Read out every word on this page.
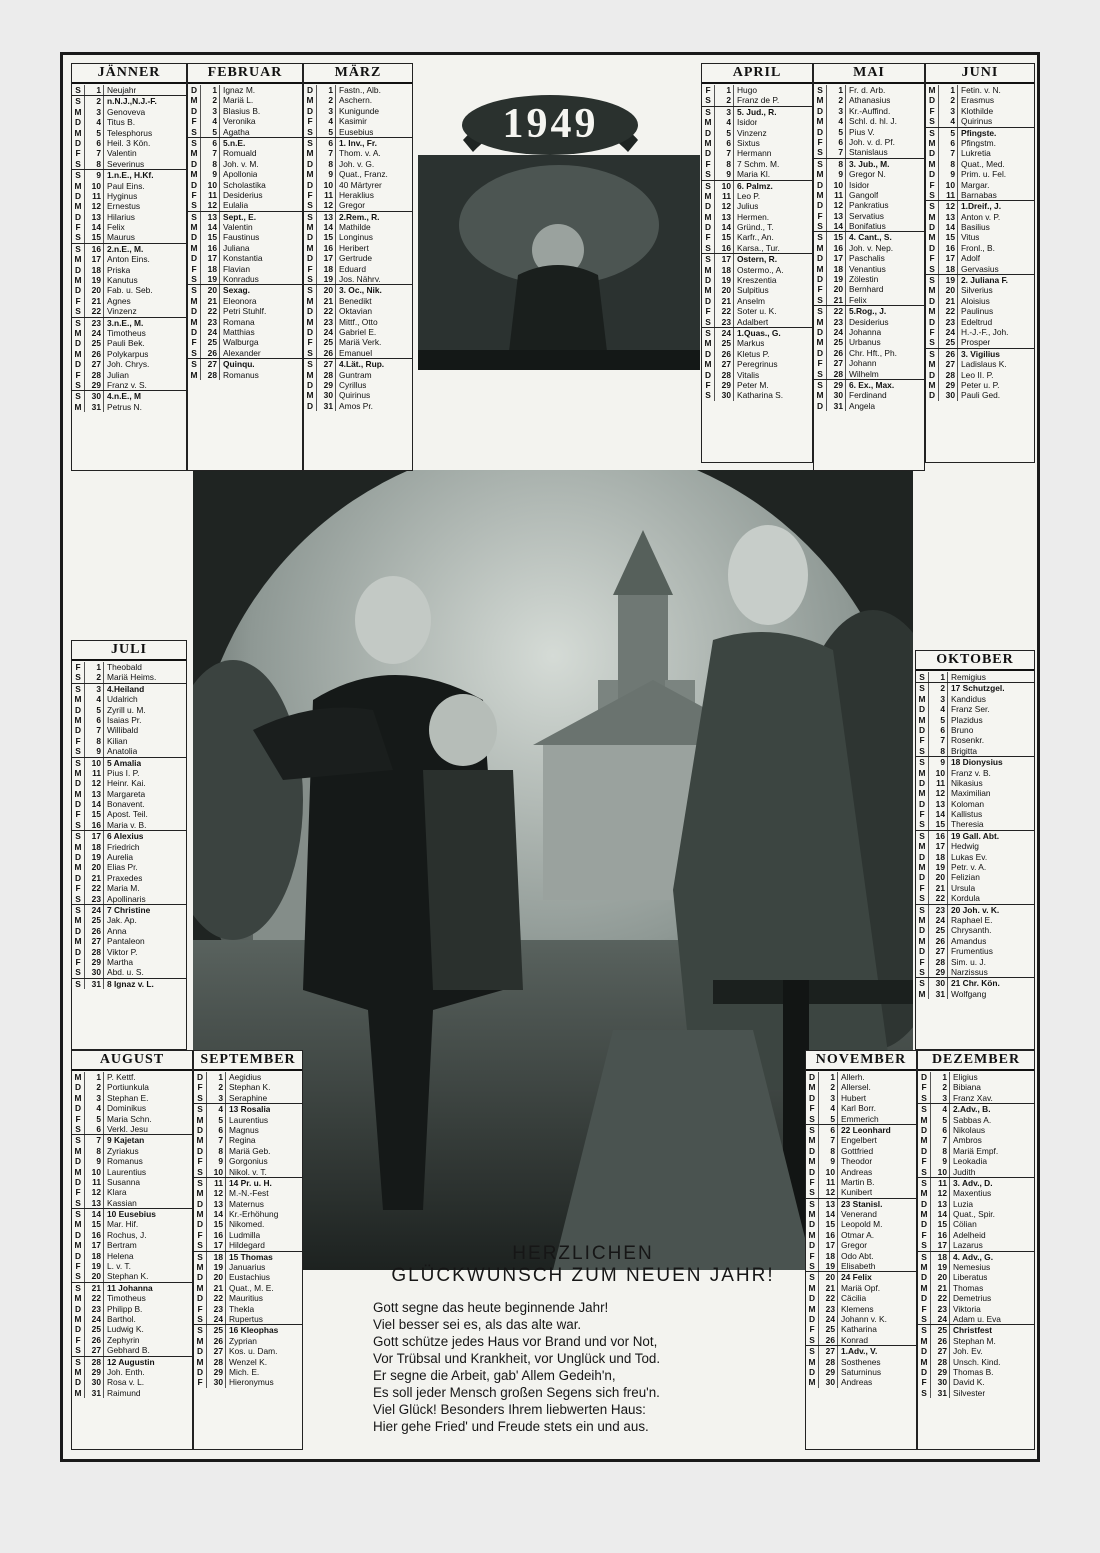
1949
JÄNNER
S	1 Neujahr
S	2 n.N.J.,N.J.-F.
M	3 Genoveva
D	4 Titus B.
M	5 Telesphorus
D	6 Heil. 3 Kön.
F	7 Valentin
S	8 Severinus
S	9 1.n.E., H.Kf.
M	10 Paul Eins.
D	11 Hyginus
M	12 Ernestus
D	13 Hilarius
F	14 Felix
S	15 Maurus
S	16 2.n.E., M.
M	17 Anton Eins.
D	18 Priska
M	19 Kanutus
D	20 Fab. u. Seb.
F	21 Agnes
S	22 Vinzenz
S	23 3.n.E., M.
M	24 Timotheus
D	25 Pauli Bek.
M	26 Polykarpus
D	27 Joh. Chrys.
F	28 Julian
S	29 Franz v. S.
S	30 4.n.E., M
M	31 Petrus N.
FEBRUAR
D	1 Ignaz M.
M	2 Mariä L.
D	3 Blasius B.
F	4 Veronika
S	5 Agatha
S	6 5.n.E.
M	7 Romuald
D	8 Joh. v. M.
M	9 Apollonia
D	10 Scholastika
F	11 Desiderius
S	12 Eulalia
S	13 Sept., E.
M	14 Valentin
D	15 Faustinus
M	16 Juliana
D	17 Konstantia
F	18 Flavian
S	19 Konradus
S	20 Sexag.
M	21 Eleonora
D	22 Petri Stuhlf.
M	23 Romana
D	24 Matthias
F	25 Walburga
S	26 Alexander
S	27 Quinqu.
M	28 Romanus
MÄRZ
D	1 Fastn., Alb.
M	2 Aschern.
D	3 Kunigunde
F	4 Kasimir
S	5 Eusebius
S	6 1. Inv., Fr.
M	7 Thom. v. A.
D	8 Joh. v. G.
M	9 Quat., Franz.
D	10 40 Märtyrer
F	11 Heraklius
S	12 Gregor
S	13 2.Rem., R.
M	14 Mathilde
D	15 Longinus
M	16 Heribert
D	17 Gertrude
F	18 Eduard
S	19 Jos. Nährv.
S	20 3. Oc., Nik.
M	21 Benedikt
D	22 Oktavian
M	23 Mittf., Otto
D	24 Gabriel E.
F	25 Mariä Verk.
S	26 Emanuel
S	27 4.Lät., Rup.
M	28 Guntram
D	29 Cyrillus
M	30 Quirinus
D	31 Amos Pr.
APRIL
F	1 Hugo
S	2 Franz de P.
S	3 5. Jud., R.
M	4 Isidor
D	5 Vinzenz
M	6 Sixtus
D	7 Hermann
F	8 7 Schm. M.
S	9 Maria Kl.
S	10 6. Palmz.
M	11 Leo P.
D	12 Julius
M	13 Hermen.
D	14 Gründ., T.
F	15 Karfr., An.
S	16 Karsa., Tur.
S	17 Ostern, R.
M	18 Ostermo., A.
D	19 Kreszentia
M	20 Sulpitius
D	21 Anselm
F	22 Soter u. K.
S	23 Adalbert
S	24 1.Quas., G.
M	25 Markus
D	26 Kletus P.
M	27 Peregrinus
D	28 Vitalis
F	29 Peter M.
S	30 Katharina S.
MAI
S	1 Fr. d. Arb.
M	2 Athanasius
D	3 Kr.-Auffind.
M	4 Schl. d. hl. J.
D	5 Pius V.
F	6 Joh. v. d. Pf.
S	7 Stanislaus
S	8 3. Jub., M.
M	9 Gregor N.
D	10 Isidor
M	11 Gangolf
D	12 Pankratius
F	13 Servatius
S	14 Bonifatius
S	15 4. Cant., S.
M	16 Joh. v. Nep.
D	17 Paschalis
M	18 Venantius
D	19 Zölestin
F	20 Bernhard
S	21 Felix
S	22 5.Rog., J.
M	23 Desiderius
D	24 Johanna
M	25 Urbanus
D	26 Chr. Hft., Ph.
F	27 Johann
S	28 Wilhelm
S	29 6. Ex., Max.
M	30 Ferdinand
D	31 Angela
JUNI
M	1 Fetin. v. N.
D	2 Erasmus
F	3 Klothilde
S	4 Quirinus
S	5 Pfingste.
M	6 Pfingstm.
D	7 Lukretia
M	8 Quat., Med.
D	9 Prim. u. Fel.
F	10 Margar.
S	11 Barnabas
S	12 1.Dreif., J.
M	13 Anton v. P.
D	14 Basilius
M	15 Vitus
D	16 Fronl., B.
F	17 Adolf
S	18 Gervasius
S	19 2. Juliana F.
M	20 Silverius
D	21 Aloisius
M	22 Paulinus
D	23 Edeltrud
F	24 H.-J.-F., Joh.
S	25 Prosper
S	26 3. Vigilius
M	27 Ladislaus K.
D	28 Leo II. P.
M	29 Peter u. P.
D	30 Pauli Ged.
JULI
F	1 Theobald
S	2 Mariä Heims.
S	3 4.Heiland
M	4 Udalrich
D	5 Zyrill u. M.
M	6 Isaias Pr.
D	7 Willibald
F	8 Kilian
S	9 Anatolia
S	10 5 Amalia
M	11 Pius I. P.
D	12 Heinr. Kai.
M	13 Margareta
D	14 Bonavent.
F	15 Apost. Teil.
S	16 Maria v. B.
S	17 6 Alexius
M	18 Friedrich
D	19 Aurelia
M	20 Elias Pr.
D	21 Praxedes
F	22 Maria M.
S	23 Apollinaris
S	24 7 Christine
M	25 Jak. Ap.
D	26 Anna
M	27 Pantaleon
D	28 Viktor P.
F	29 Martha
S	30 Abd. u. S.
S	31 8 Ignaz v. L.
AUGUST
M	1 P. Kettf.
D	2 Portiunkula
M	3 Stephan E.
D	4 Dominikus
F	5 Maria Schn.
S	6 Verkl. Jesu
S	7 9 Kajetan
M	8 Zyriakus
D	9 Romanus
M	10 Laurentius
D	11 Susanna
F	12 Klara
S	13 Kassian
S	14 10 Eusebius
M	15 Mar. Hif.
D	16 Rochus, J.
M	17 Bertram
D	18 Helena
F	19 L. v. T.
S	20 Stephan K.
S	21 11 Johanna
M	22 Timotheus
D	23 Philipp B.
M	24 Barthol.
D	25 Ludwig K.
F	26 Zephyrin
S	27 Gebhard B.
S	28 12 Augustin
M	29 Joh. Enth.
D	30 Rosa v. L.
M	31 Raimund
SEPTEMBER
D	1 Aegidius
F	2 Stephan K.
S	3 Seraphine
S	4 13 Rosalia
M	5 Laurentius
D	6 Magnus
M	7 Regina
D	8 Mariä Geb.
F	9 Gorgonius
S	10 Nikol. v. T.
S	11 14 Pr. u. H.
M	12 M.-N.-Fest
D	13 Maternus
M	14 Kr.-Erhöhung
D	15 Nikomed.
F	16 Ludmilla
S	17 Hildegard
S	18 15 Thomas
M	19 Januarius
D	20 Eustachius
M	21 Quat., M. E.
D	22 Mauritius
F	23 Thekla
S	24 Rupertus
S	25 16 Kleophas
M	26 Zyprian
D	27 Kos. u. Dam.
M	28 Wenzel K.
D	29 Mich. E.
F	30 Hieronymus
OKTOBER
S	1 Remigius
S	2 17 Schutzgel.
M	3 Kandidus
D	4 Franz Ser.
M	5 Plazidus
D	6 Bruno
F	7 Rosenkr.
S	8 Brigitta
S	9 18 Dionysius
M	10 Franz v. B.
D	11 Nikasius
M	12 Maximilian
D	13 Koloman
F	14 Kallistus
S	15 Theresia
S	16 19 Gall. Abt.
M	17 Hedwig
D	18 Lukas Ev.
M	19 Petr. v. A.
D	20 Felizian
F	21 Ursula
S	22 Kordula
S	23 20 Joh. v. K.
M	24 Raphael E.
D	25 Chrysanth.
M	26 Amandus
D	27 Frumentius
F	28 Sim. u. J.
S	29 Narzissus
S	30 21 Chr. Kön.
M	31 Wolfgang
NOVEMBER
D	1 Allerh.
M	2 Allersel.
D	3 Hubert
F	4 Karl Borr.
S	5 Emmerich
S	6 22 Leonhard
M	7 Engelbert
D	8 Gottfried
M	9 Theodor
D	10 Andreas
F	11 Martin B.
S	12 Kunibert
S	13 23 Stanisl.
M	14 Venerand
D	15 Leopold M.
M	16 Otmar A.
D	17 Gregor
F	18 Odo Abt.
S	19 Elisabeth
S	20 24 Felix
M	21 Mariä Opf.
D	22 Cäcilia
M	23 Klemens
D	24 Johann v. K.
F	25 Katharina
S	26 Konrad
S	27 1.Adv., V.
M	28 Sosthenes
D	29 Saturninus
M	30 Andreas
DEZEMBER
D	1 Eligius
F	2 Bibiana
S	3 Franz Xav.
S	4 2.Adv., B.
M	5 Sabbas A.
D	6 Nikolaus
M	7 Ambros
D	8 Mariä Empf.
F	9 Leokadia
S	10 Judith
S	11 3. Adv., D.
M	12 Maxentius
D	13 Luzia
M	14 Quat., Spir.
D	15 Cölian
F	16 Adelheid
S	17 Lazarus
S	18 4. Adv., G.
M	19 Nemesius
D	20 Liberatus
M	21 Thomas
D	22 Demetrius
F	23 Viktoria
S	24 Adam u. Eva
S	25 Christfest
M	26 Stephan M.
D	27 Joh. Ev.
M	28 Unsch. Kind.
D	29 Thomas B.
F	30 David K.
S	31 Silvester
HERZLICHEN
GLÜCKWUNSCH ZUM NEUEN JAHR!
Gott segne das heute beginnende Jahr!
Viel besser sei es, als das alte war.
Gott schütze jedes Haus vor Brand und vor Not,
Vor Trübsal und Krankheit, vor Unglück und Tod.
Er segne die Arbeit, gab' Allem Gedeih'n,
Es soll jeder Mensch großen Segens sich freu'n.
Viel Glück! Besonders Ihrem liebwerten Haus:
Hier gehe Fried' und Freude stets ein und aus.
